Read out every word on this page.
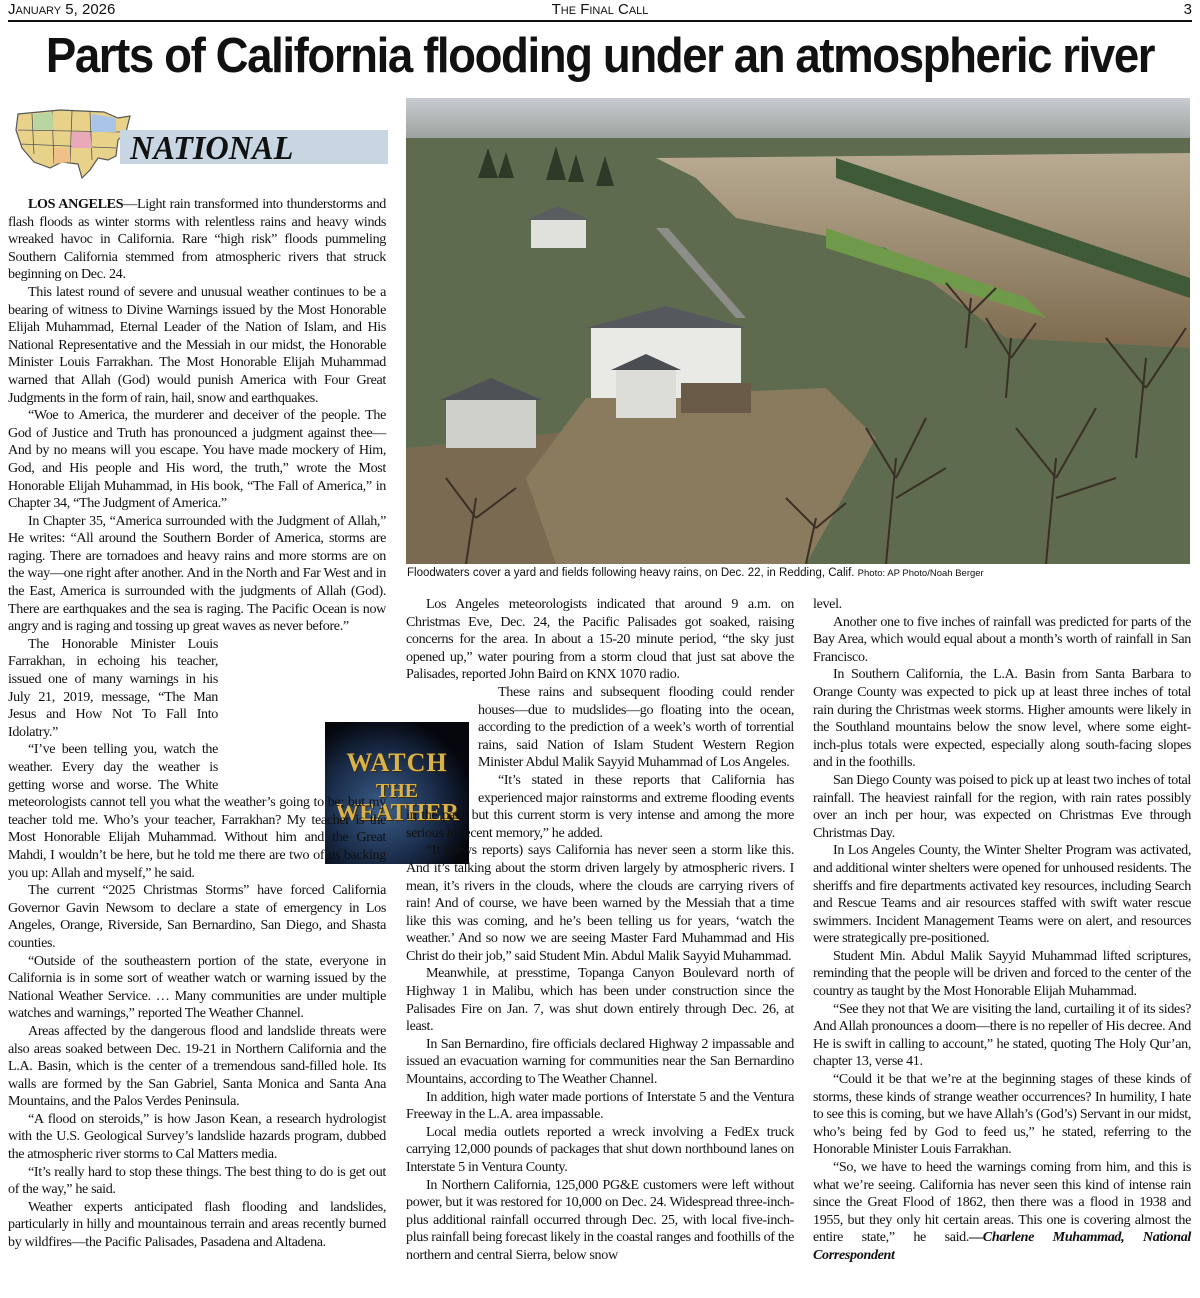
January 5, 2026	The Final Call	3
Parts of California flooding under an atmospheric river
NATIONAL
Floodwaters cover a yard and fields following heavy rains, on Dec. 22, in Redding, Calif. Photo: AP Photo/Noah Berger
WATCH
THE
WEATHER

LOS ANGELES—Light rain transformed into thunderstorms and flash floods as winter storms with relentless rains and heavy winds wreaked havoc in California. Rare “high risk” floods pummeling Southern California stemmed from atmospheric rivers that struck beginning on Dec. 24.

This latest round of severe and unusual weather continues to be a bearing of witness to Divine Warnings issued by the Most Honorable Elijah Muhammad, Eternal Leader of the Nation of Islam, and His National Representative and the Messiah in our midst, the Honorable Minister Louis Farrakhan. The Most Honorable Elijah Muhammad warned that Allah (God) would punish America with Four Great Judgments in the form of rain, hail, snow and earthquakes.

“Woe to America, the murderer and deceiver of the people. The God of Justice and Truth has pronounced a judgment against thee—And by no means will you escape. You have made mockery of Him, God, and His people and His word, the truth,” wrote the Most Honorable Elijah Muhammad, in His book, “The Fall of America,” in Chapter 34, “The Judgment of America.”

In Chapter 35, “America surrounded with the Judgment of Allah,” He writes: “All around the Southern Border of America, storms are raging. There are tornadoes and heavy rains and more storms are on the way—one right after another. And in the North and Far West and in the East, America is surrounded with the judgments of Allah (God). There are earthquakes and the sea is raging. The Pacific Ocean is now angry and is raging and tossing up great waves as never before.”

The Honorable Minister Louis Farrakhan, in echoing his teacher, issued one of many warnings in his July 21, 2019, message, “The Man Jesus and How Not To Fall Into Idolatry.”

“I’ve been telling you, watch the weather. Every day the weather is getting worse and worse. The White meteorologists cannot tell you what the weather’s going to be; but my teacher told me. Who’s your teacher, Farrakhan? My teacher is the Most Honorable Elijah Muhammad. Without him and the Great Mahdi, I wouldn’t be here, but he told me there are two of us backing you up: Allah and myself,” he said.

The current “2025 Christmas Storms” have forced California Governor Gavin Newsom to declare a state of emergency in Los Angeles, Orange, Riverside, San Bernardino, San Diego, and Shasta counties.

“Outside of the southeastern portion of the state, everyone in California is in some sort of weather watch or warning issued by the National Weather Service. … Many communities are under multiple watches and warnings,” reported The Weather Channel.

Areas affected by the dangerous flood and landslide threats were also areas soaked between Dec. 19-21 in Northern California and the L.A. Basin, which is the center of a tremendous sand-filled hole. Its walls are formed by the San Gabriel, Santa Monica and Santa Ana Mountains, and the Palos Verdes Peninsula.

“A flood on steroids,” is how Jason Kean, a research hydrologist with the U.S. Geological Survey’s landslide hazards program, dubbed the atmospheric river storms to Cal Matters media.

“It’s really hard to stop these things. The best thing to do is get out of the way,” he said.

Weather experts anticipated flash flooding and landslides, particularly in hilly and mountainous terrain and areas recently burned by wildfires—the Pacific Palisades, Pasadena and Altadena.

Los Angeles meteorologists indicated that around 9 a.m. on Christmas Eve, Dec. 24, the Pacific Palisades got soaked, raising concerns for the area. In about a 15-20 minute period, “the sky just opened up,” water pouring from a storm cloud that just sat above the Palisades, reported John Baird on KNX 1070 radio.

These rains and subsequent flooding could render houses—due to mudslides—go floating into the ocean, according to the prediction of a week’s worth of torrential rains, said Nation of Islam Student Western Region Minister Abdul Malik Sayyid Muhammad of Los Angeles.

“It’s stated in these reports that California has experienced major rainstorms and extreme flooding events in the past, but this current storm is very intense and among the more serious in recent memory,” he added.

“It (news reports) says California has never seen a storm like this. And it’s talking about the storm driven largely by atmospheric rivers. I mean, it’s rivers in the clouds, where the clouds are carrying rivers of rain! And of course, we have been warned by the Messiah that a time like this was coming, and he’s been telling us for years, ‘watch the weather.’ And so now we are seeing Master Fard Muhammad and His Christ do their job,” said Student Min. Abdul Malik Sayyid Muhammad.

Meanwhile, at presstime, Topanga Canyon Boulevard north of Highway 1 in Malibu, which has been under construction since the Palisades Fire on Jan. 7, was shut down entirely through Dec. 26, at least.

In San Bernardino, fire officials declared Highway 2 impassable and issued an evacuation warning for communities near the San Bernardino Mountains, according to The Weather Channel.

In addition, high water made portions of Interstate 5 and the Ventura Freeway in the L.A. area impassable.

Local media outlets reported a wreck involving a FedEx truck carrying 12,000 pounds of packages that shut down northbound lanes on Interstate 5 in Ventura County.

In Northern California, 125,000 PG&E customers were left without power, but it was restored for 10,000 on Dec. 24. Widespread three-inch-plus additional rainfall occurred through Dec. 25, with local five-inch-plus rainfall being forecast likely in the coastal ranges and foothills of the northern and central Sierra, below snow

level.

Another one to five inches of rainfall was predicted for parts of the Bay Area, which would equal about a month’s worth of rainfall in San Francisco.

In Southern California, the L.A. Basin from Santa Barbara to Orange County was expected to pick up at least three inches of total rain during the Christmas week storms. Higher amounts were likely in the Southland mountains below the snow level, where some eight-inch-plus totals were expected, especially along south-facing slopes and in the foothills.

San Diego County was poised to pick up at least two inches of total rainfall. The heaviest rainfall for the region, with rain rates possibly over an inch per hour, was expected on Christmas Eve through Christmas Day.

In Los Angeles County, the Winter Shelter Program was activated, and additional winter shelters were opened for unhoused residents. The sheriffs and fire departments activated key resources, including Search and Rescue Teams and air resources staffed with swift water rescue swimmers. Incident Management Teams were on alert, and resources were strategically pre-positioned.

Student Min. Abdul Malik Sayyid Muhammad lifted scriptures, reminding that the people will be driven and forced to the center of the country as taught by the Most Honorable Elijah Muhammad.

“See they not that We are visiting the land, curtailing it of its sides? And Allah pronounces a doom—there is no repeller of His decree. And He is swift in calling to account,” he stated, quoting The Holy Qur’an, chapter 13, verse 41.

“Could it be that we’re at the beginning stages of these kinds of storms, these kinds of strange weather occurrences? In humility, I hate to see this is coming, but we have Allah’s (God’s) Servant in our midst, who’s being fed by God to feed us,” he stated, referring to the Honorable Minister Louis Farrakhan.

“So, we have to heed the warnings coming from him, and this is what we’re seeing. California has never seen this kind of intense rain since the Great Flood of 1862, then there was a flood in 1938 and 1955, but they only hit certain areas. This one is covering almost the entire state,” he said.—Charlene Muhammad, National Correspondent
